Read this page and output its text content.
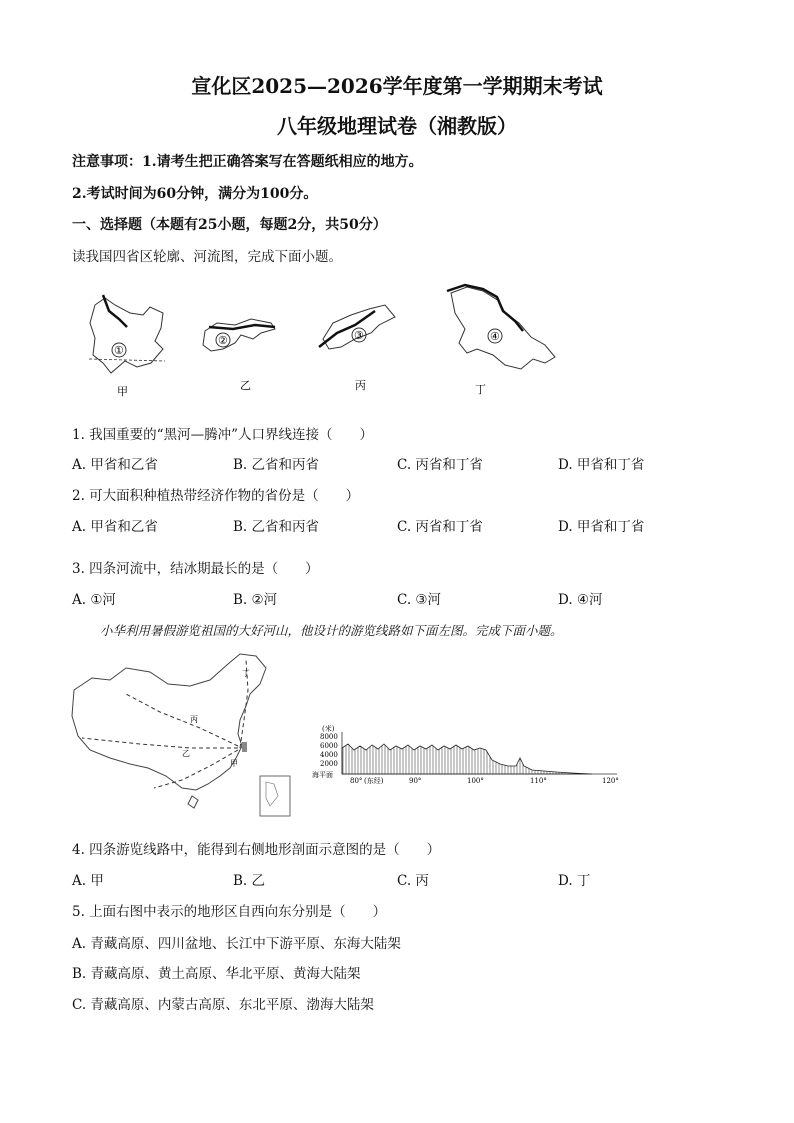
宣化区2025—2026学年度第一学期期末考试
八年级地理试卷（湘教版）
注意事项：1.请考生把正确答案写在答题纸相应的地方。
2.考试时间为60分钟，满分为100分。
一、选择题（本题有25小题，每题2分，共50分）
读我国四省区轮廓、河流图，完成下面小题。
①
甲
②
乙
③
丙
④
丁
1. 我国重要的“黑河—腾冲”人口界线连接（　　）
A. 甲省和乙省	B. 乙省和丙省	C. 丙省和丁省	D. 甲省和丁省
2. 可大面积种植热带经济作物的省份是（　　）
A. 甲省和乙省	B. 乙省和丙省	C. 丙省和丁省	D. 甲省和丁省
3. 四条河流中，结冰期最长的是（　　）
A. ①河	B. ②河	C. ③河	D. ④河
小华利用暑假游览祖国的大好河山，他设计的游览线路如下面左图。完成下面小题。
丁
丙
乙
甲
(米)
8000
6000
4000
2000
海平面
80° (东经)	90°	100°	110°	120°
4. 四条游览线路中，能得到右侧地形剖面示意图的是（　　）
A. 甲	B. 乙	C. 丙	D. 丁
5. 上面右图中表示的地形区自西向东分别是（　　）
A. 青藏高原、四川盆地、长江中下游平原、东海大陆架
B. 青藏高原、黄土高原、华北平原、黄海大陆架
C. 青藏高原、内蒙古高原、东北平原、渤海大陆架
